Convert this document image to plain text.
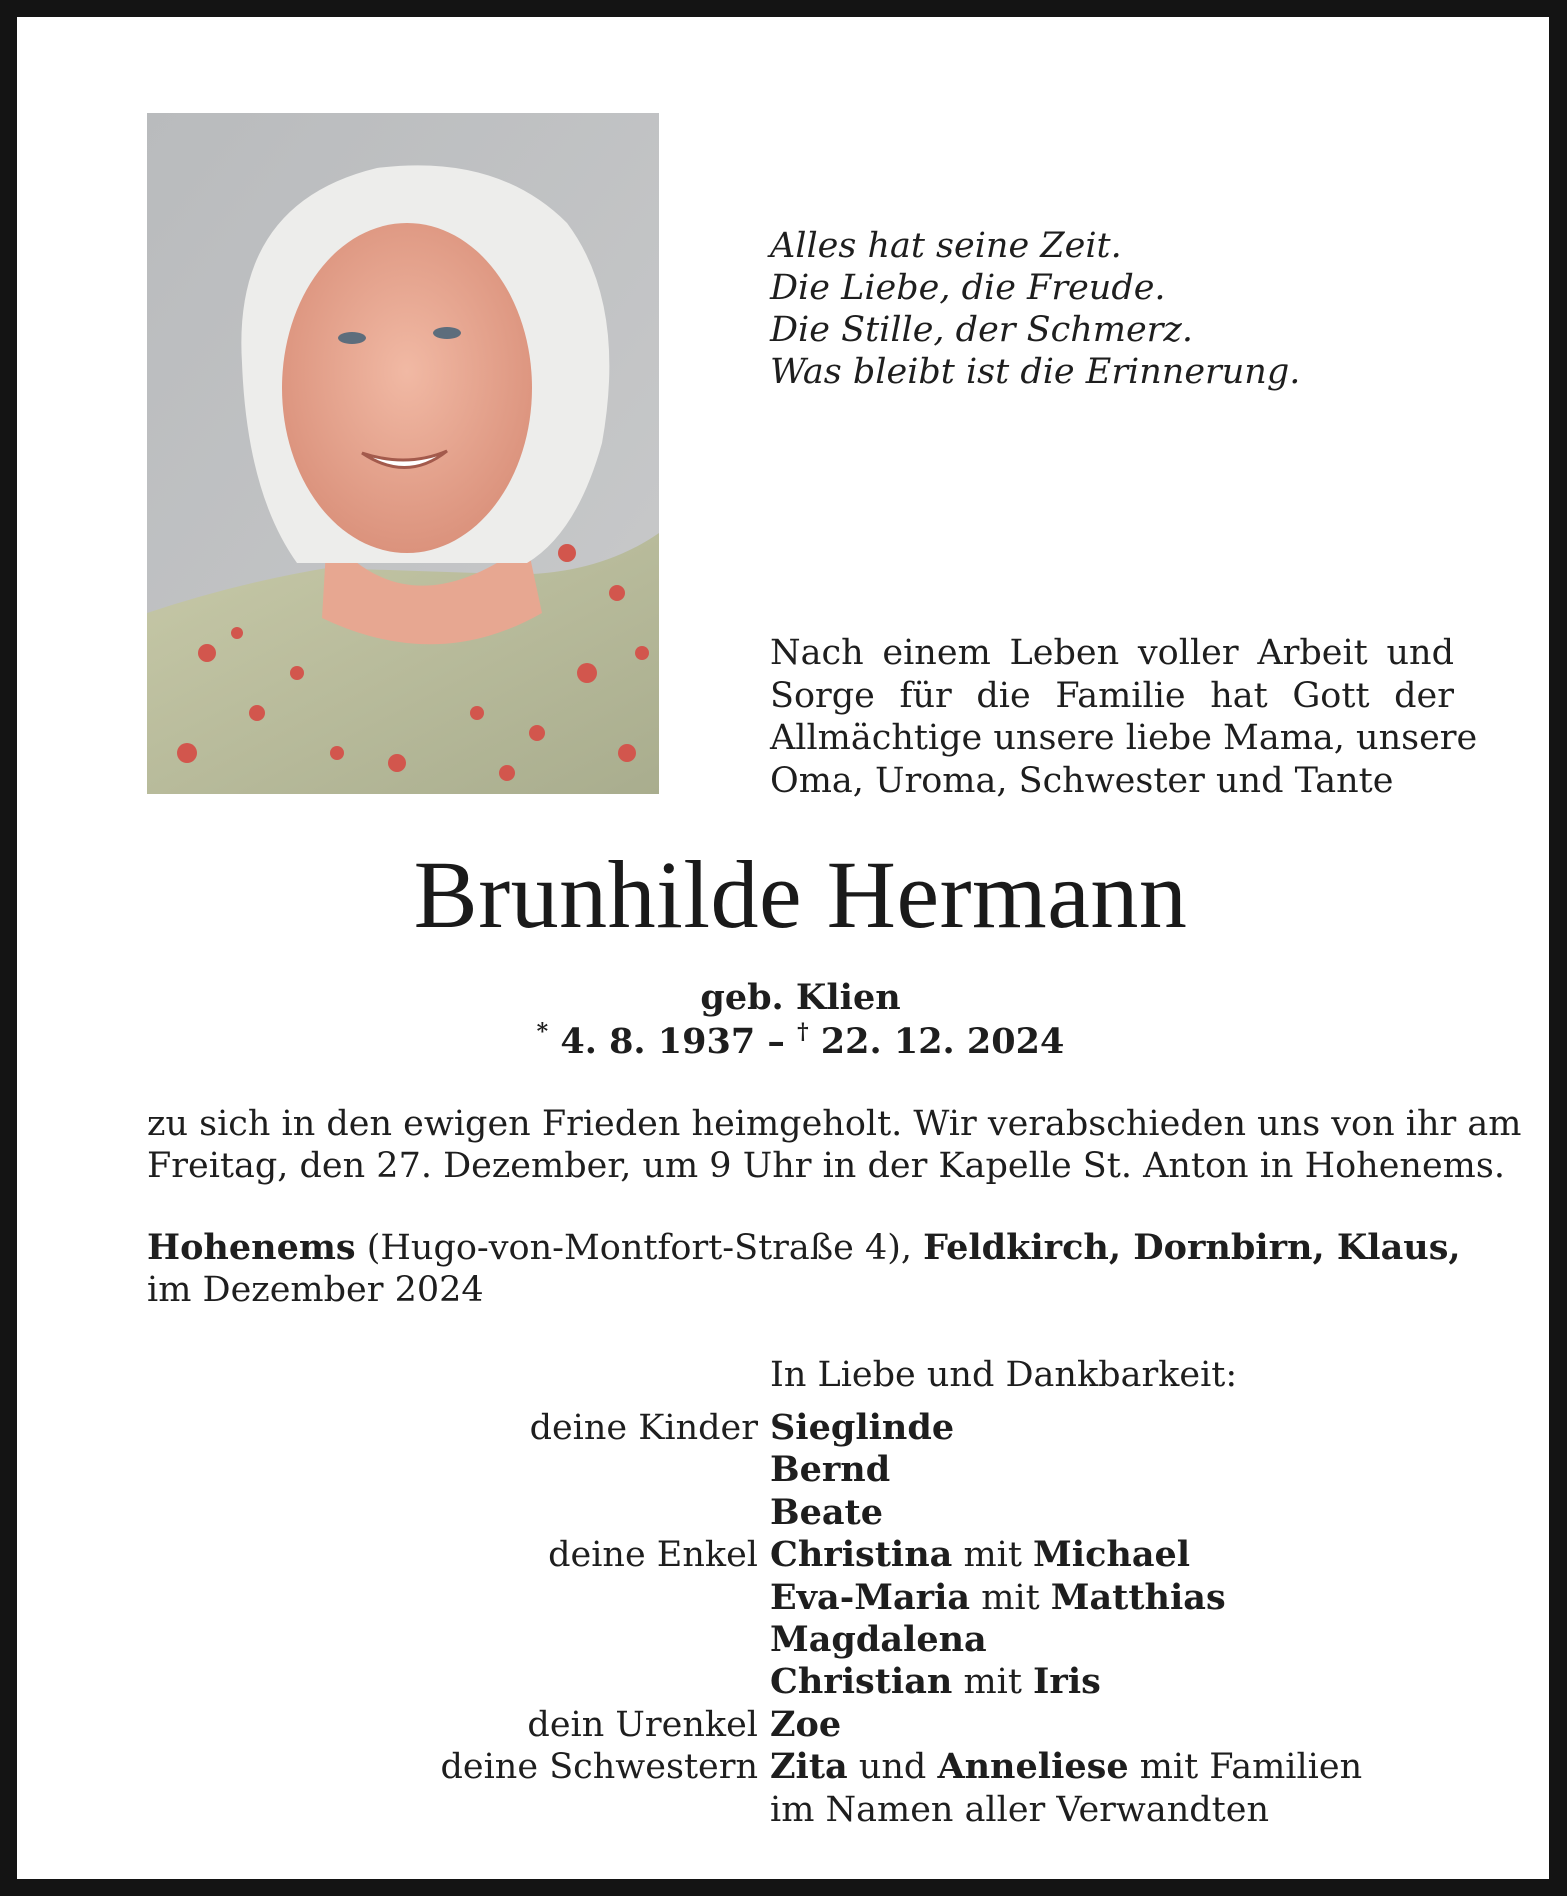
Alles hat seine Zeit.
Die Liebe, die Freude.
Die Stille, der Schmerz.
Was bleibt ist die Erinnerung.
Nach einem Leben voller Arbeit und
Sorge für die Familie hat Gott der
Allmächtige unsere liebe Mama, unsere
Oma, Uroma, Schwester und Tante
Brunhilde Hermann
geb. Klien
* 4. 8. 1937 – † 22. 12. 2024
zu sich in den ewigen Frieden heimgeholt. Wir verabschieden uns von ihr am
Freitag, den 27. Dezember, um 9 Uhr in der Kapelle St. Anton in Hohenems.
Hohenems (Hugo-von-Montfort-Straße 4), Feldkirch, Dornbirn, Klaus,
im Dezember 2024
In Liebe und Dankbarkeit:
deine Kinder Sieglinde
Bernd
Beate
deine Enkel Christina mit Michael
Eva-Maria mit Matthias
Magdalena
Christian mit Iris
dein Urenkel Zoe
deine Schwestern Zita und Anneliese mit Familien
im Namen aller Verwandten
